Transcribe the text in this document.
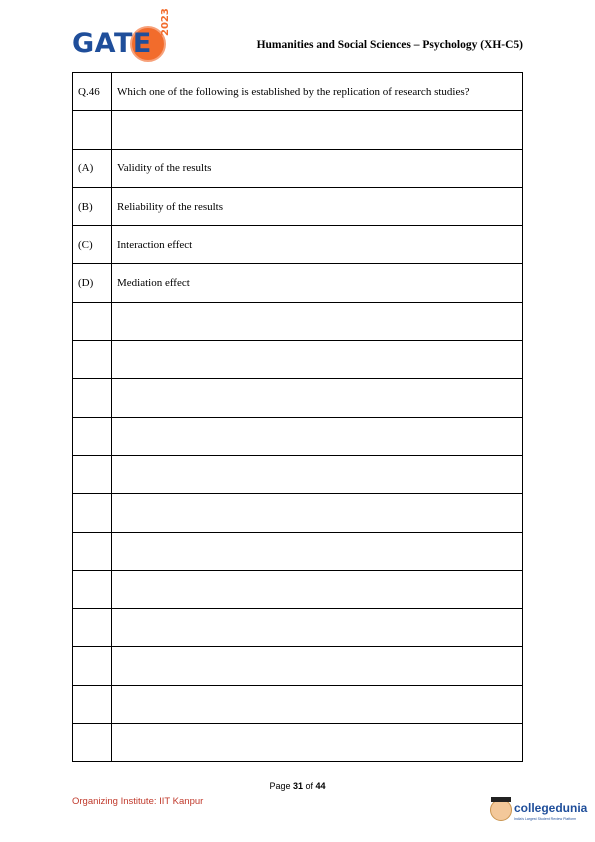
GATE
2023
Humanities and Social Sciences – Psychology (XH-C5)
Q.46	Which one of the following is established by the replication of research studies?

(A)	Validity of the results
(B)	Reliability of the results
(C)	Interaction effect
(D)	Mediation effect

Page 31 of 44
Organizing Institute: IIT Kanpur	collegedunia
India's Largest Student Review Platform
